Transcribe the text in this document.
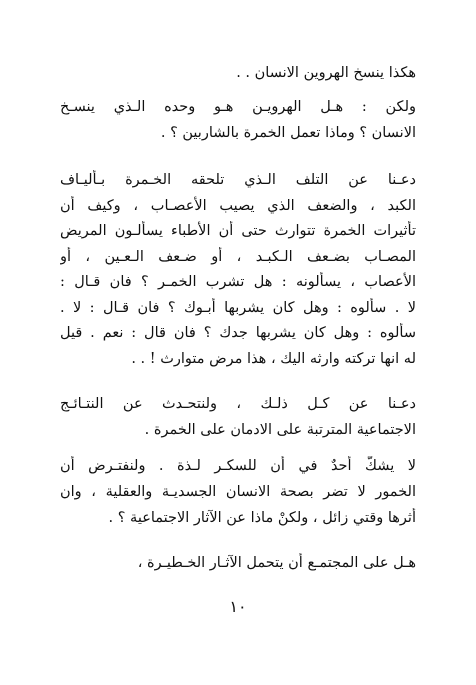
هكذا ينسخ الهروين الانسان . .
ولكن : هـل الهرويـن هـو وحده الـذي ينسـخ
الانسان ؟ وماذا تعمل الخمرة بالشاربين ؟ .
دعـنا عن التلف الـذي تلحقه الخـمرة بـأليـاف
الكبد ، والضعف الذي يصيب الأعصـاب ، وكيف أن
تأثيرات الخمرة تتوارث حتى أن الأطباء يسألـون المريض
المصـاب بضـعف الـكبـد ، أو ضـعف الـعـين ، أو
الأعصاب ، يسألونه : هل تشرب الخمـر ؟ فان قـال :
لا . سألوه : وهل كان يشربها أبـوك ؟ فان قـال : لا .
سألوه : وهل كان يشربها جدك ؟ فان قال : نعم . قيل
له انها تركته وارثه اليك ، هذا مرض متوارث ! . .
دعـنا عن كـل ذلـك ، ولنتحـدث عن النتـائـج
الاجتماعية المترتبة على الادمان على الخمرة .
لا يشكّ أحدٌ في أن للسكـر لـذة . ولنفتـرض أن
الخمور لا تضر بصحة الانسان الجسديـة والعقلية ، وان
أثرها وقتي زائل ، ولكنْ ماذا عن الآثار الاجتماعية ؟ .
هـل على المجتمـع أن يتحمل الآثـار الخـطيـرة ،
١٠
